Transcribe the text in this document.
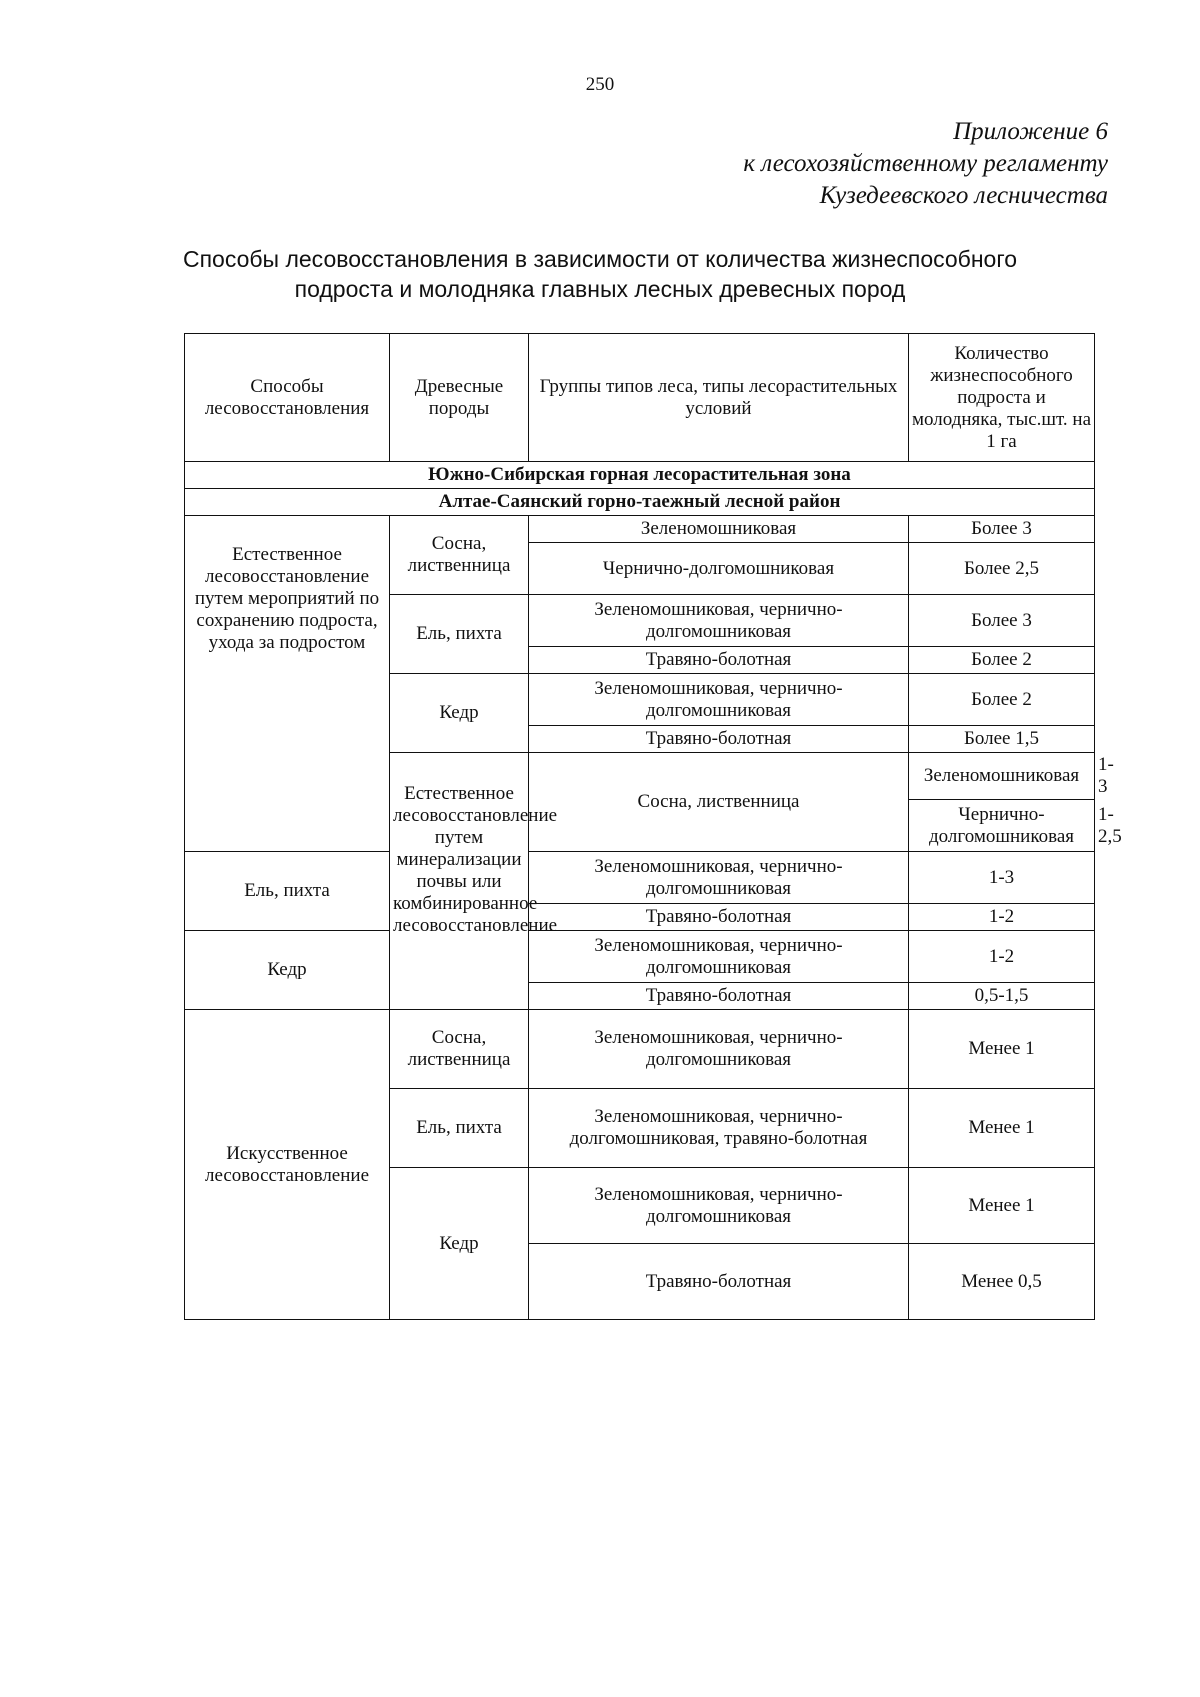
250
Приложение 6
к лесохозяйственному регламенту
Кузедеевского лесничества
Способы лесовосстановления в зависимости от количества жизнеспособного
подроста и молодняка главных лесных древесных пород
Способы лесовосстановления	Древесные породы	Группы типов леса, типы лесорастительных условий	Количество жизнеспособного подроста и молодняка, тыс.шт. на 1 га	
Южно-Сибирская горная лесорастительная зона				
Алтае-Саянский горно-таежный лесной район				
Естественное лесовосстановление путем мероприятий по сохранению подроста, ухода за подростом	Сосна, лиственница	Зеленомошниковая	Более 3	
		Чернично-долгомошниковая	Более 2,5	
	Ель, пихта	Зеленомошниковая, чернично-долгомошниковая	Более 3	
		Травяно-болотная	Более 2	
	Кедр	Зеленомошниковая, чернично-долгомошниковая	Более 2	
		Травяно-болотная	Более 1,5	
	Естественное лесовосстановление путем минерализации почвы или комбинированное лесовосстановление	Сосна, лиственница	Зеленомошниковая	1-3
			Чернично-долгомошниковая	1-2,5
Ель, пихта		Зеленомошниковая, чернично-долгомошниковая	1-3	
		Травяно-болотная	1-2	
Кедр		Зеленомошниковая, чернично-долгомошниковая	1-2	
		Травяно-болотная	0,5-1,5	
Искусственное лесовосстановление	Сосна, лиственница	Зеленомошниковая, чернично-долгомошниковая	Менее 1	
	Ель, пихта	Зеленомошниковая, чернично-долгомошниковая, травяно-болотная	Менее 1	
	Кедр	Зеленомошниковая, чернично-долгомошниковая	Менее 1	
		Травяно-болотная	Менее 0,5	
